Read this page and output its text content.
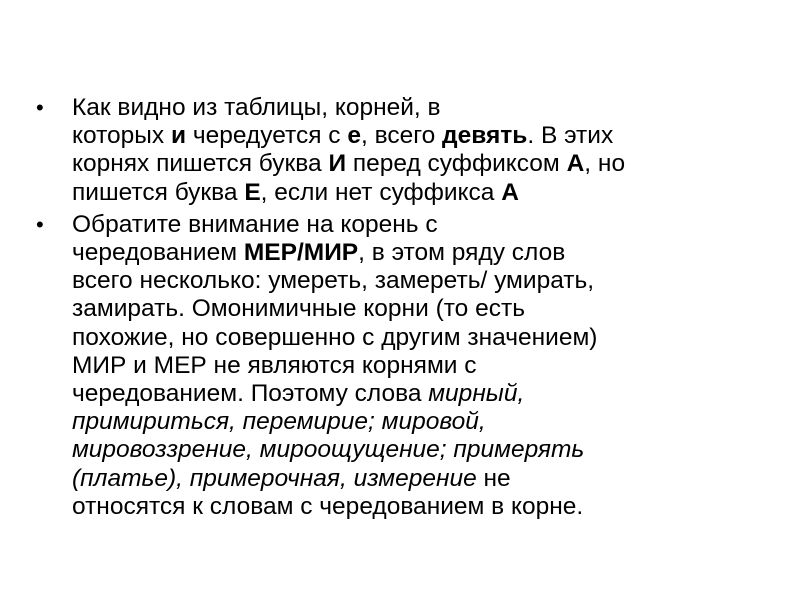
•	Как видно из таблицы, корней, в
которых и чередуется с е, всего девять. В этих
корнях пишется буква И перед суффиксом А, но
пишется буква Е, если нет суффикса А
•	Обратите внимание на корень с
чередованием МЕР/МИР, в этом ряду слов
всего несколько: умереть, замереть/ умирать,
замирать. Омонимичные корни (то есть
похожие, но совершенно с другим значением)
МИР и МЕР не являются корнями с
чередованием. Поэтому слова мирный,
примириться, перемирие; мировой,
мировоззрение, мироощущение; примерять
(платье), примерочная, измерение не
относятся к словам с чередованием в корне.
